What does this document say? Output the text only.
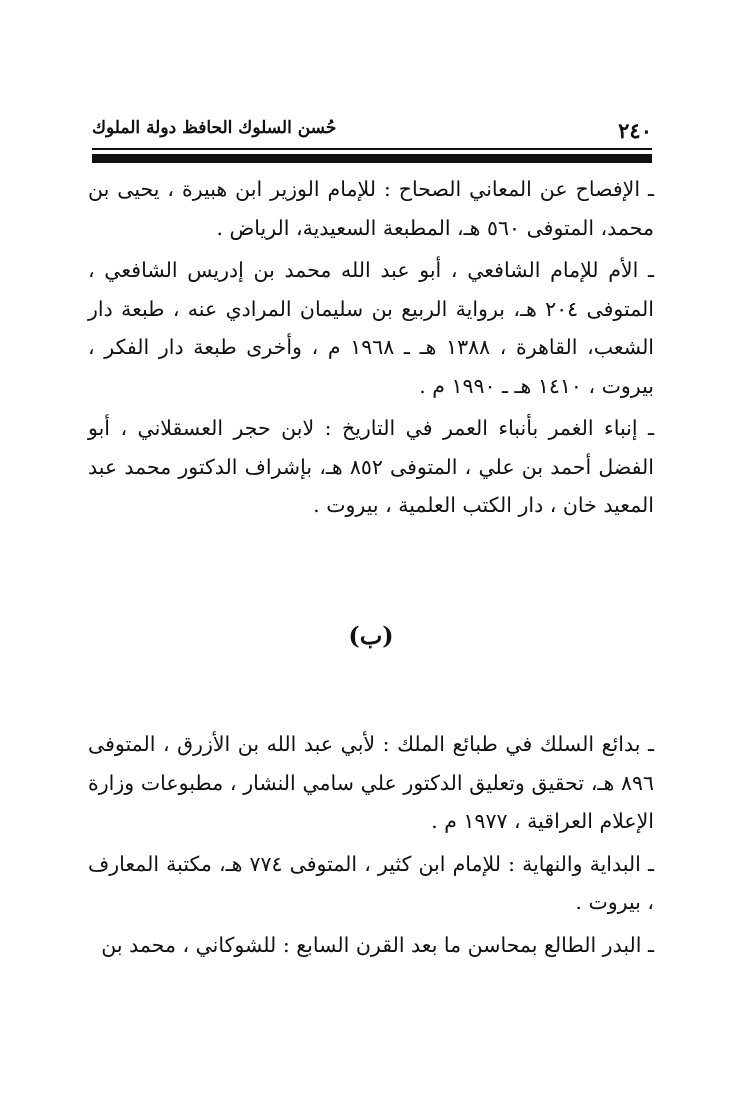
٢٤٠
حُسن السلوك الحافظ دولة الملوك

ـ الإفصاح عن المعاني الصحاح : للإمام الوزير ابن هبيرة ، يحيى بن محمد، المتوفى ٥٦٠ هـ، المطبعة السعيدية، الرياض .

ـ الأم للإمام الشافعي ، أبو عبد الله محمد بن إدريس الشافعي ، المتوفى ٢٠٤ هـ، برواية الربيع بن سليمان المرادي عنه ، طبعة دار الشعب، القاهرة ، ١٣٨٨ هـ ـ ١٩٦٨ م ، وأخرى طبعة دار الفكر ، بيروت ، ١٤١٠ هـ ـ ١٩٩٠ م .

ـ إنباء الغمر بأنباء العمر في التاريخ : لابن حجر العسقلاني ، أبو الفضل أحمد بن علي ، المتوفى ٨٥٢ هـ، بإشراف الدكتور محمد عبد المعيد خان ، دار الكتب العلمية ، بيروت .

(ب)

ـ بدائع السلك في طبائع الملك : لأبي عبد الله بن الأزرق ، المتوفى ٨٩٦ هـ، تحقيق وتعليق الدكتور علي سامي النشار ، مطبوعات وزارة الإعلام العراقية ، ١٩٧٧ م .

ـ البداية والنهاية : للإمام ابن كثير ، المتوفى ٧٧٤ هـ، مكتبة المعارف ، بيروت .

ـ البدر الطالع بمحاسن ما بعد القرن السابع : للشوكاني ، محمد بن
